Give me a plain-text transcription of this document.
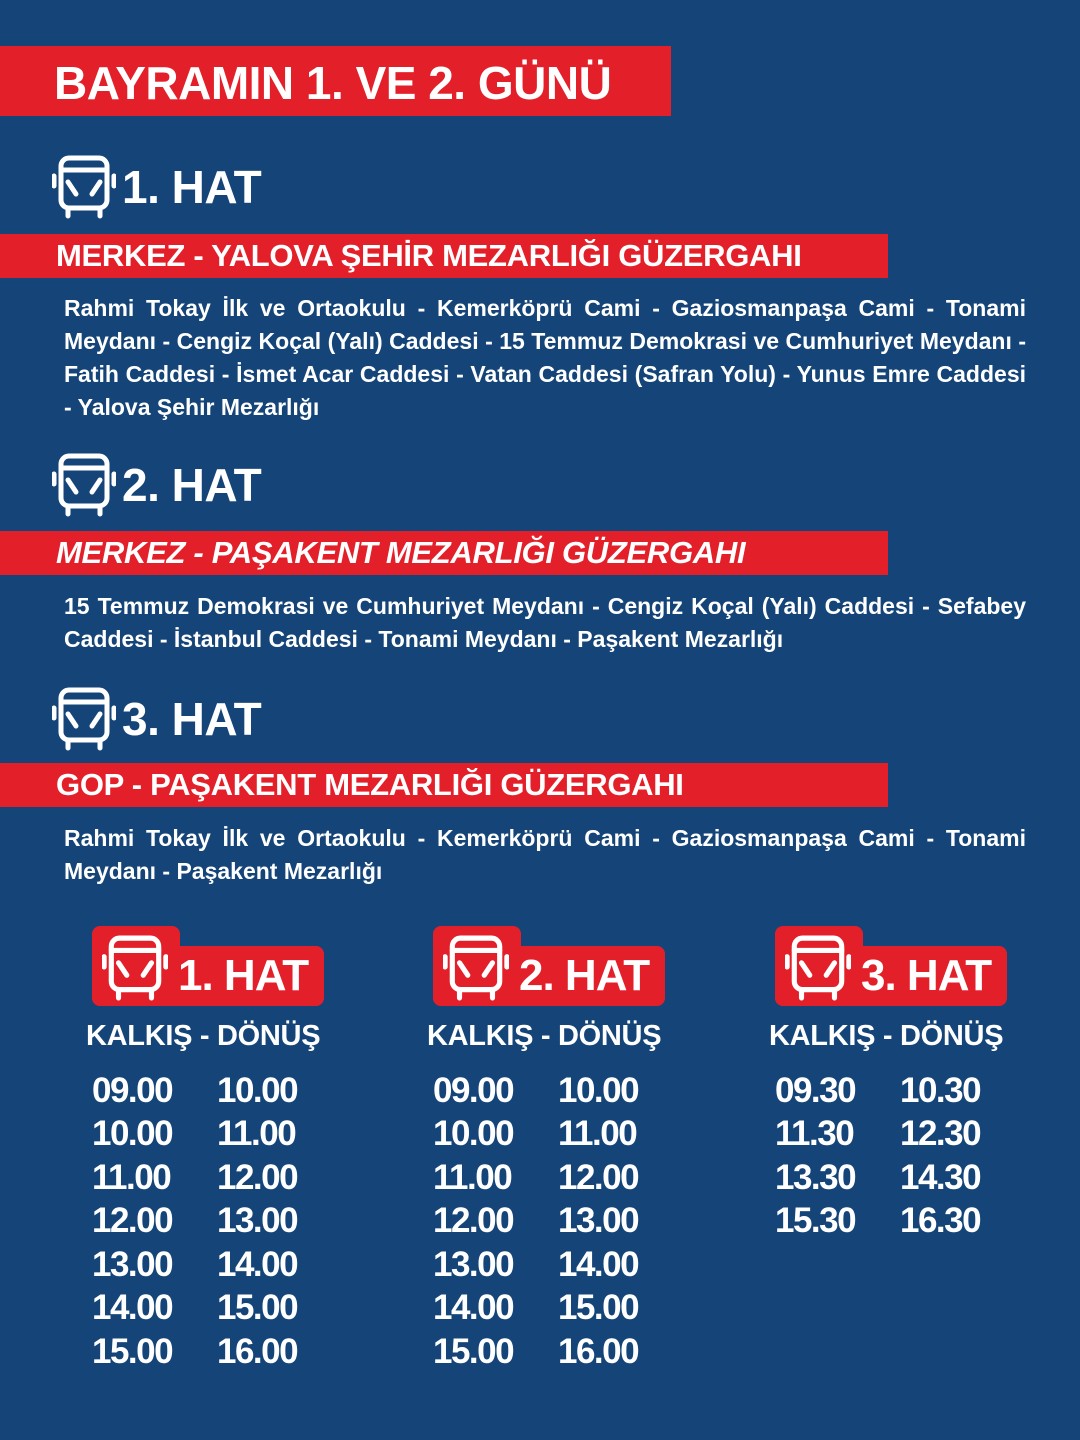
BAYRAMIN 1. VE 2. GÜNÜ
1. HAT
MERKEZ - YALOVA ŞEHİR MEZARLIĞI GÜZERGAHI
Rahmi Tokay İlk ve Ortaokulu - Kemerköprü Cami - Gaziosmanpaşa Cami - Tonami Meydanı - Cengiz Koçal (Yalı) Caddesi - 15 Temmuz Demokrasi ve Cumhuriyet Meydanı - Fatih Caddesi - İsmet Acar Caddesi - Vatan Caddesi (Safran Yolu) - Yunus Emre Caddesi - Yalova Şehir Mezarlığı
2. HAT
MERKEZ - PAŞAKENT MEZARLIĞI GÜZERGAHI
15 Temmuz Demokrasi ve Cumhuriyet Meydanı - Cengiz Koçal (Yalı) Caddesi - Sefabey Caddesi - İstanbul Caddesi - Tonami Meydanı - Paşakent Mezarlığı
3. HAT
GOP - PAŞAKENT MEZARLIĞI GÜZERGAHI
Rahmi Tokay İlk ve Ortaokulu - Kemerköprü Cami - Gaziosmanpaşa Cami - Tonami Meydanı - Paşakent Mezarlığı
1. HAT
KALKIŞ - DÖNÜŞ
09.00	10.00
10.00	11.00
11.00	12.00
12.00	13.00
13.00	14.00
14.00	15.00
15.00	16.00
2. HAT
KALKIŞ - DÖNÜŞ
09.00	10.00
10.00	11.00
11.00	12.00
12.00	13.00
13.00	14.00
14.00	15.00
15.00	16.00
3. HAT
KALKIŞ - DÖNÜŞ
09.30	10.30
11.30	12.30
13.30	14.30
15.30	16.30
